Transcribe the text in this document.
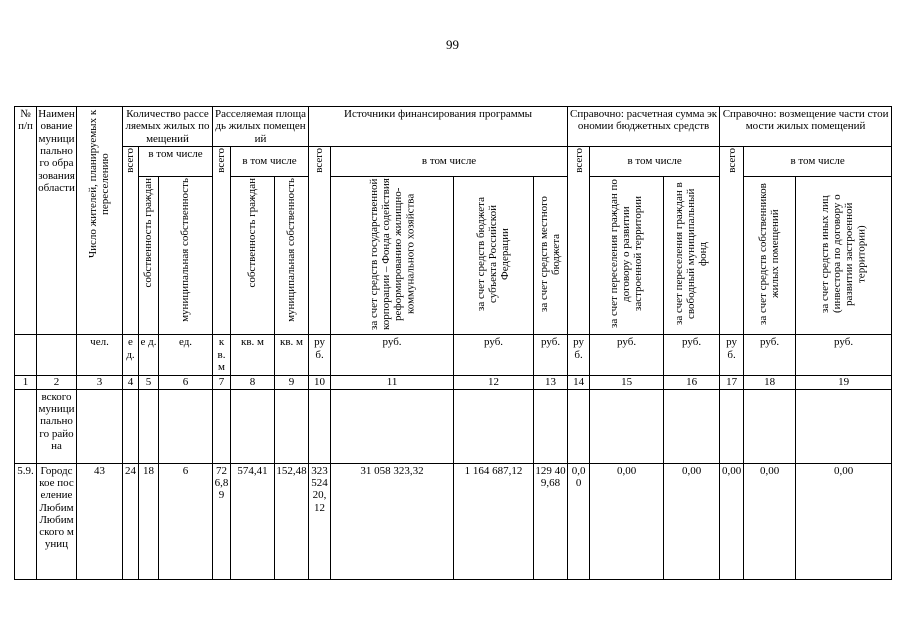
99
№ п/п	Наименование муниципального образования области	Число жителей, планируемых к переселению	Количество расселяемых жилых помещений			Расселяемая площадь жилых помещений			Источники финансирования программы				Справочно: расчетная сумма экономии бюджетных средств			Справочно: возмещение части стоимости жилых помещений		
			всего	в том числе		всего	в том числе		всего	в том числе			всего	в том числе		всего	в том числе	
				собственность граждан	муниципальная собственность		собственность граждан	муниципальная собственность		за счет средств государственной корпорации – Фонда содействия реформированию жилищно-коммунального хозяйства	за счет средств бюджета субъекта Российской Федерации	за счет средств местного бюджета		за счет переселения граждан по договору о развитии застроенной территории	за счет переселения граждан в свободный муниципальный фонд		за счет средств собственников жилых помещений	за счет средств иных лиц (инвестора по договору о развитии застроенной территории)
		чел.	е д.	е д.	ед.	к в. м	кв. м	кв. м	ру б.	руб.	руб.	руб.	ру б.	руб.	руб.	ру б.	руб.	руб.
1	2	3	4	5	6	7	8	9	10	11	12	13	14	15	16	17	18	19
	вского муниципального района																	
5.9.	Городское поселение Любим Любимского муниц	43	24	18	6	726,89	574,41	152,48	32352420,12	31 058 323,32	1 164 687,12	129 409,68	0,00	0,00	0,00	0,00	0,00	0,00
